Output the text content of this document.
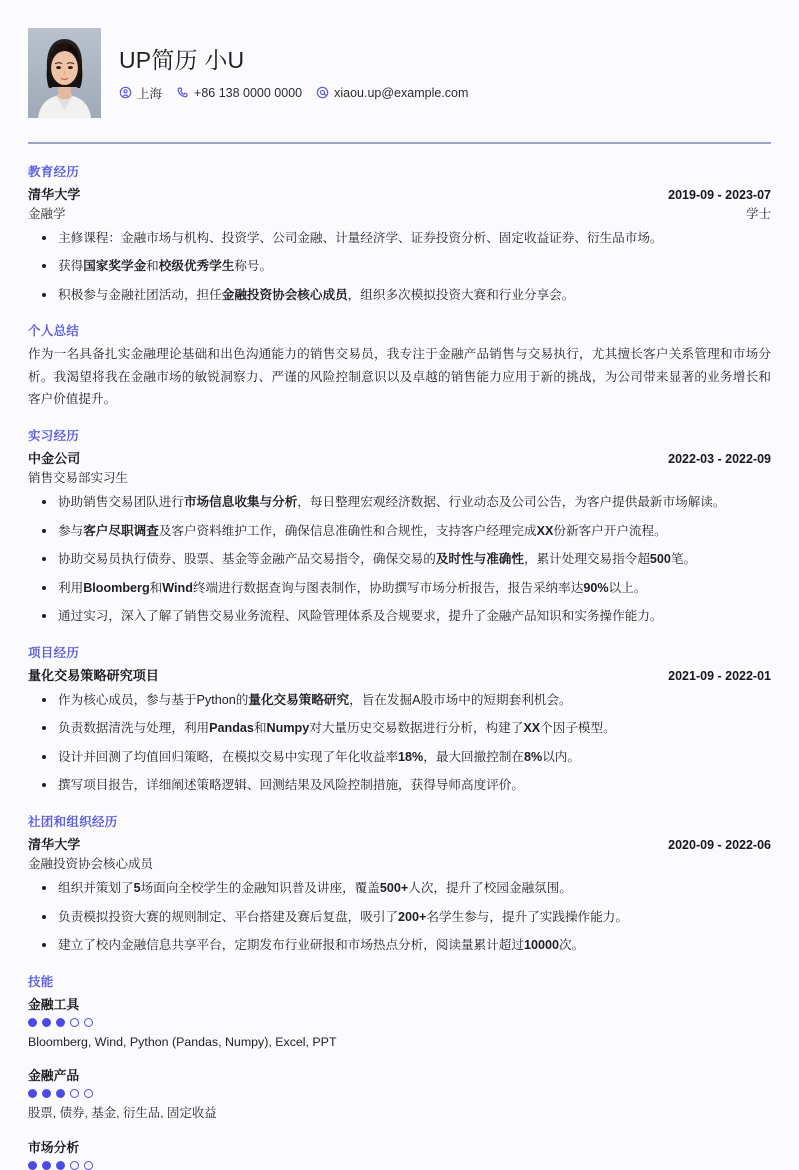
UP简历 小U
上海	+86 138 0000 0000	xiaou.up@example.com
教育经历
清华大学	2019-09 - 2023-07
金融学	学士
主修课程：金融市场与机构、投资学、公司金融、计量经济学、证券投资分析、固定收益证券、衍生品市场。
获得国家奖学金和校级优秀学生称号。
积极参与金融社团活动，担任金融投资协会核心成员，组织多次模拟投资大赛和行业分享会。
个人总结
作为一名具备扎实金融理论基础和出色沟通能力的销售交易员，我专注于金融产品销售与交易执行，尤其擅长客户关系管理和市场分析。我渴望将我在金融市场的敏锐洞察力、严谨的风险控制意识以及卓越的销售能力应用于新的挑战，为公司带来显著的业务增长和客户价值提升。
实习经历
中金公司	2022-03 - 2022-09
销售交易部实习生
协助销售交易团队进行市场信息收集与分析，每日整理宏观经济数据、行业动态及公司公告，为客户提供最新市场解读。
参与客户尽职调查及客户资料维护工作，确保信息准确性和合规性，支持客户经理完成XX份新客户开户流程。
协助交易员执行债券、股票、基金等金融产品交易指令，确保交易的及时性与准确性，累计处理交易指令超500笔。
利用Bloomberg和Wind终端进行数据查询与图表制作，协助撰写市场分析报告，报告采纳率达90%以上。
通过实习，深入了解了销售交易业务流程、风险管理体系及合规要求，提升了金融产品知识和实务操作能力。
项目经历
量化交易策略研究项目	2021-09 - 2022-01
作为核心成员，参与基于Python的量化交易策略研究，旨在发掘A股市场中的短期套利机会。
负责数据清洗与处理，利用Pandas和Numpy对大量历史交易数据进行分析，构建了XX个因子模型。
设计并回测了均值回归策略，在模拟交易中实现了年化收益率18%，最大回撤控制在8%以内。
撰写项目报告，详细阐述策略逻辑、回测结果及风险控制措施，获得导师高度评价。
社团和组织经历
清华大学	2020-09 - 2022-06
金融投资协会核心成员
组织并策划了5场面向全校学生的金融知识普及讲座，覆盖500+人次，提升了校园金融氛围。
负责模拟投资大赛的规则制定、平台搭建及赛后复盘，吸引了200+名学生参与，提升了实践操作能力。
建立了校内金融信息共享平台，定期发布行业研报和市场热点分析，阅读量累计超过10000次。
技能
金融工具
Bloomberg, Wind, Python (Pandas, Numpy), Excel, PPT
金融产品
股票, 债券, 基金, 衍生品, 固定收益
市场分析
